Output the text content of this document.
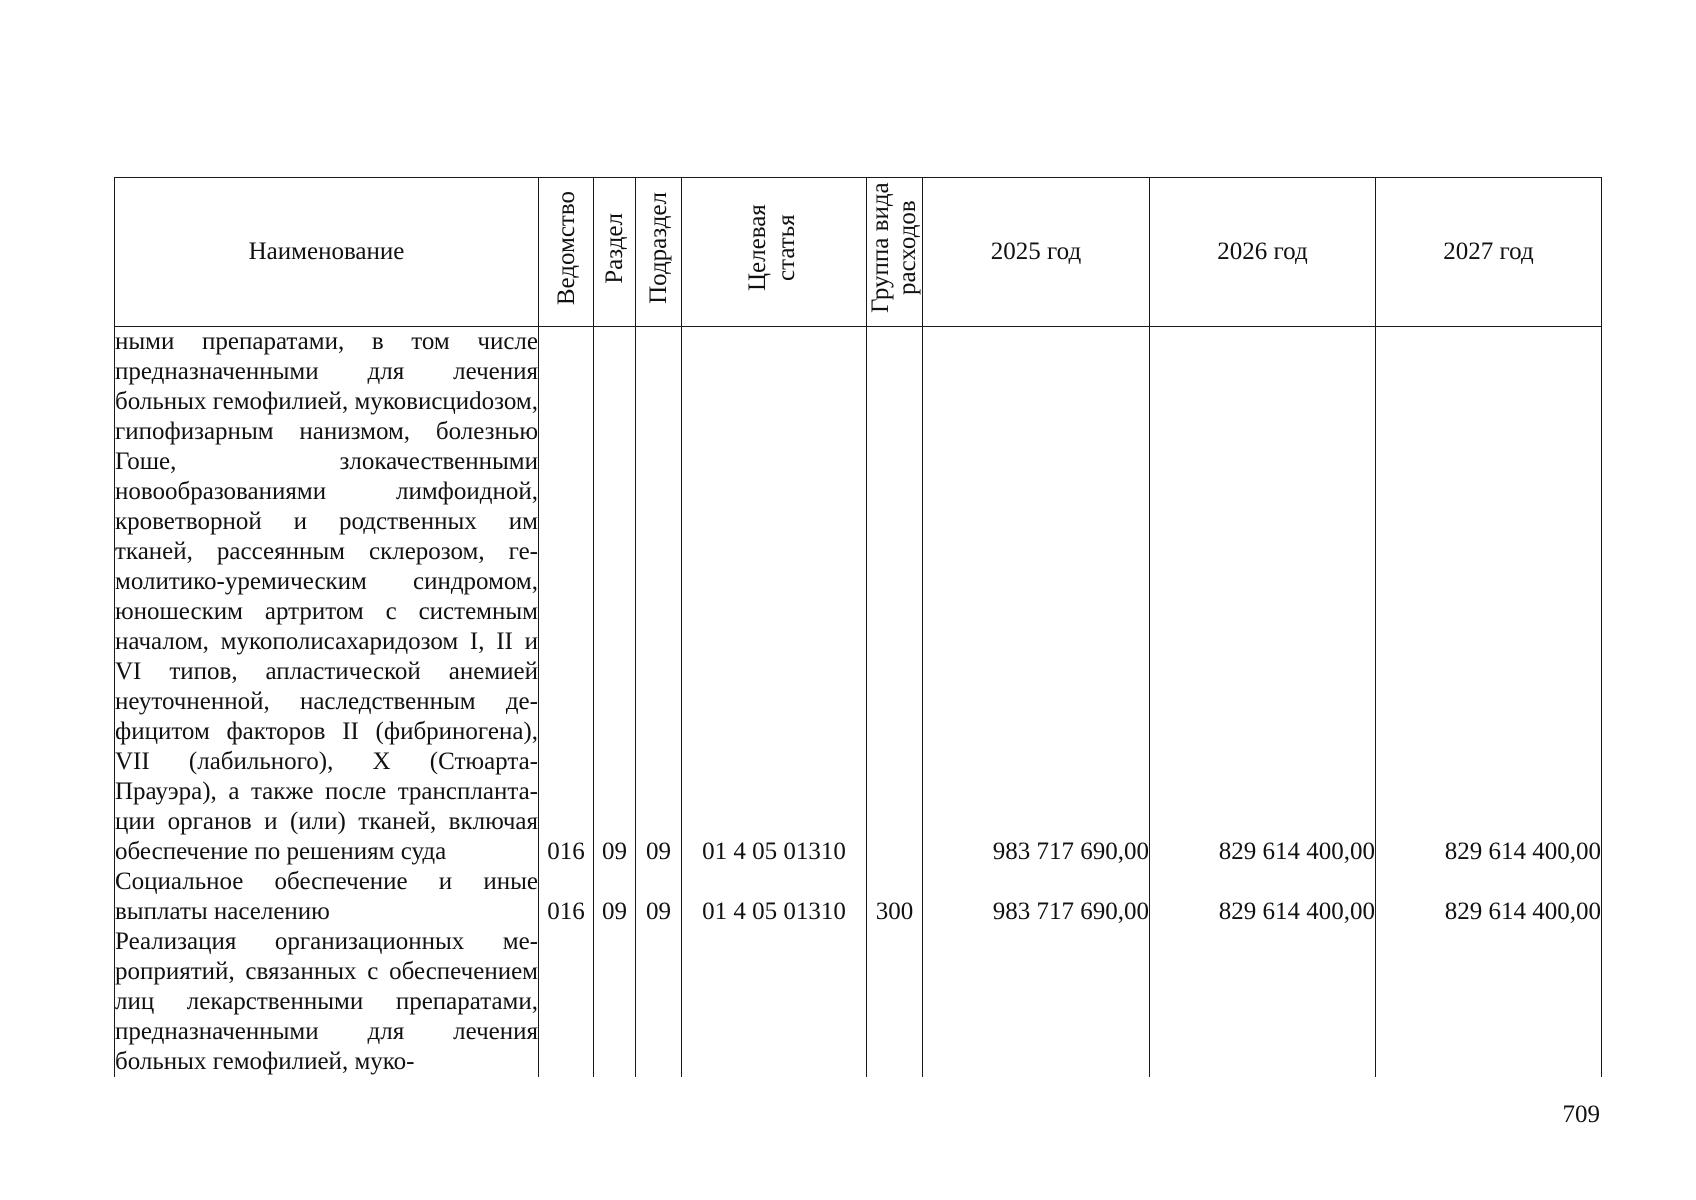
Наименование	Ведомство	Раздел	Подраздел	Целевая статья	Группа вида расходов	2025 год	2026 год	2027 год

ными препаратами, в том числе предназначенными для лечения больных гемофилией, муковисциdозом, гипофизарным нанизмом, болезнью Гоше, злокачественными новообразованиями лимфоидной, кроветворной и родственных им тканей, рассеянным склерозом, гемолитико-уремическим синдромом, юношеским артритом с системным началом, мукополисахаридозом I, II и VI типов, апластической анемией неуточненной, наследственным дефицитом факторов II (фибриногена), VII (лабильного), X (Стюарта-Прауэра), а также после трансплантации органов и (или) тканей, включая обеспечение по решениям суда	016	09	09	01 4 05 01310		983 717 690,00	829 614 400,00	829 614 400,00

Социальное обеспечение и иные выплаты населению	016	09	09	01 4 05 01310	300	983 717 690,00	829 614 400,00	829 614 400,00

Реализация организационных мероприятий, связанных с обеспечением лиц лекарственными препаратами, предназначенными для лечения больных гемофилией, муко-								

709
